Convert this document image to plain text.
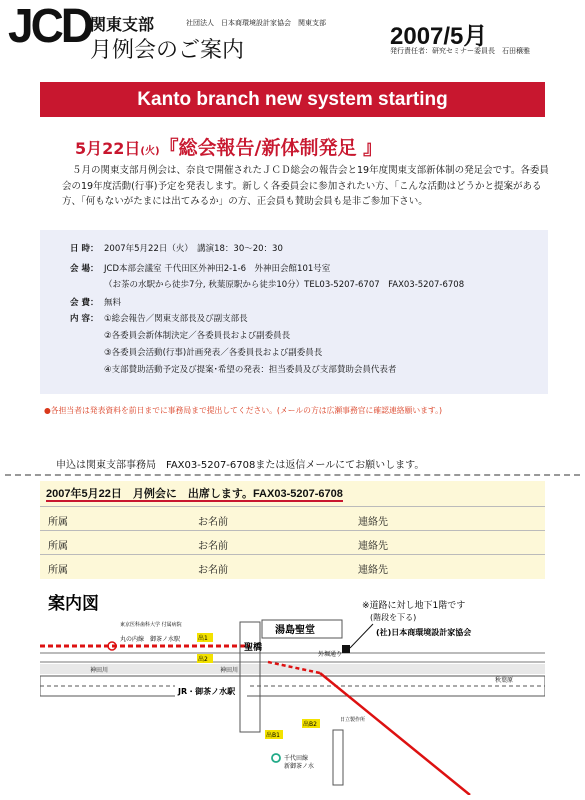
JCD
関東支部	社団法人　日本商環境設計家協会　関東支部
月例会のご案内
2007/5月
発行責任者：研究セミナー委員長　石田穣雅
Kanto branch new system starting
5月22日(火)『総会報告/新体制発足 』
５月の関東支部月例会は、奈良で開催されたＪＣＤ総会の報告会と19年度関東支部新体制の発足会です。各委員会の19年度活動(行事)予定を発表します。新しく各委員会に参加されたい方、「こんな活動はどうかと提案がある方、「何もないがたまには出てみるか」の方、正会員も賛助会員も是非ご参加下さい。
日 時： 2007年5月22日（火）　講演18：30〜20：30
会 場： JCD本部会議室 千代田区外神田2-1-6　外神田会館101号室
（お茶の水駅から徒歩7分, 秋葉原駅から徒歩10分）TEL03-5207-6707　FAX03-5207-6708
会 費： 無料
内 容： ①総会報告／関東支部長及び副支部長
②各委員会新体制決定／各委員長および副委員長
③各委員会活動(行事)計画発表／各委員長および副委員長
④支部賛助活動予定及び提案･希望の発表：担当委員及び支部賛助会員代表者
●各担当者は発表資料を前日までに事務局まで提出してください。(メールの方は広瀬事務官に確認連絡願います。)
申込は関東支部事務局　FAX03-5207-6708または返信メールにてお願いします。
2007年5月22日　月例会に　出席します。FAX03-5207-6708
所属	お名前	連絡先
所属	お名前	連絡先
所属	お名前	連絡先
案内図
神田川	神田川
JR・御茶ノ水駅
丸の内線　御茶ノ水駅	出1
出2
出B2
出B1
聖橋
湯島聖堂
外堀通り
東京医科歯科大学 付属病院
日立製作所
秋葉原
千代田線
新御茶ノ水
※道路に対し地下1階です
(階段を下る)
(社)日本商環境設計家協会
